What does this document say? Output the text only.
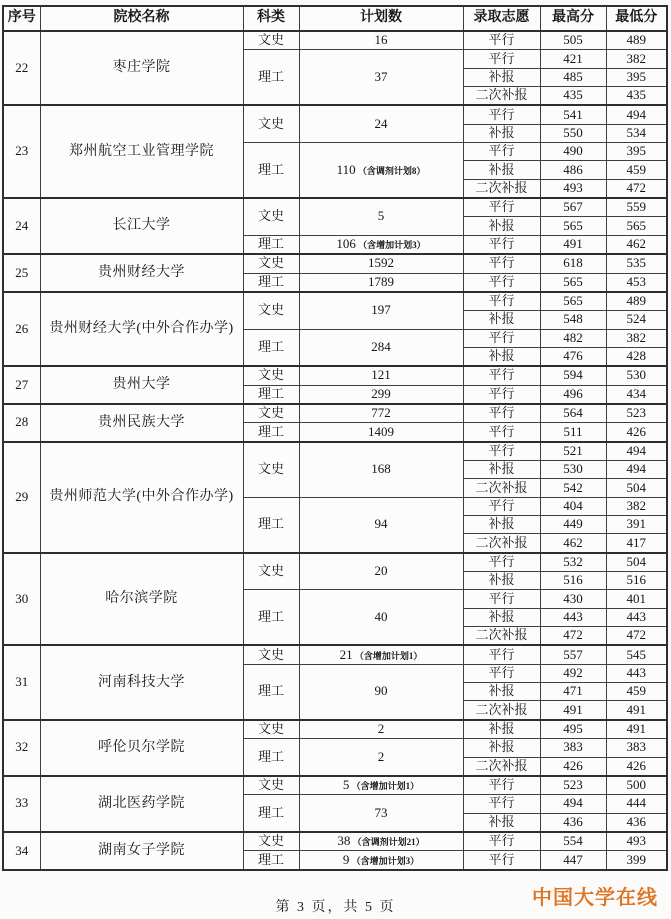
序号	院校名称	科类	计划数	录取志愿	最高分	最低分
22	枣庄学院	文史	16	平行	505	489
		理工	37	平行	421	382
				补报	485	395
				二次补报	435	435
23	郑州航空工业管理学院	文史	24	平行	541	494
				补报	550	534
		理工	110 （含调剂计划8）	平行	490	395
				补报	486	459
				二次补报	493	472
24	长江大学	文史	5	平行	567	559
				补报	565	565
		理工	106 （含增加计划3）	平行	491	462
25	贵州财经大学	文史	1592	平行	618	535
		理工	1789	平行	565	453
26	贵州财经大学(中外合作办学)	文史	197	平行	565	489
				补报	548	524
		理工	284	平行	482	382
				补报	476	428
27	贵州大学	文史	121	平行	594	530
		理工	299	平行	496	434
28	贵州民族大学	文史	772	平行	564	523
		理工	1409	平行	511	426
29	贵州师范大学(中外合作办学)	文史	168	平行	521	494
				补报	530	494
				二次补报	542	504
		理工	94	平行	404	382
				补报	449	391
				二次补报	462	417
30	哈尔滨学院	文史	20	平行	532	504
				补报	516	516
		理工	40	平行	430	401
				补报	443	443
				二次补报	472	472
31	河南科技大学	文史	21 （含增加计划1）	平行	557	545
		理工	90	平行	492	443
				补报	471	459
				二次补报	491	491
32	呼伦贝尔学院	文史	2	补报	495	491
		理工	2	补报	383	383
				二次补报	426	426
33	湖北医药学院	文史	5 （含增加计划1）	平行	523	500
		理工	73	平行	494	444
				补报	436	436
34	湖南女子学院	文史	38 （含调剂计划21）	平行	554	493
		理工	9 （含增加计划3）	平行	447	399
中国大学在线
第 3 页，共 5 页
